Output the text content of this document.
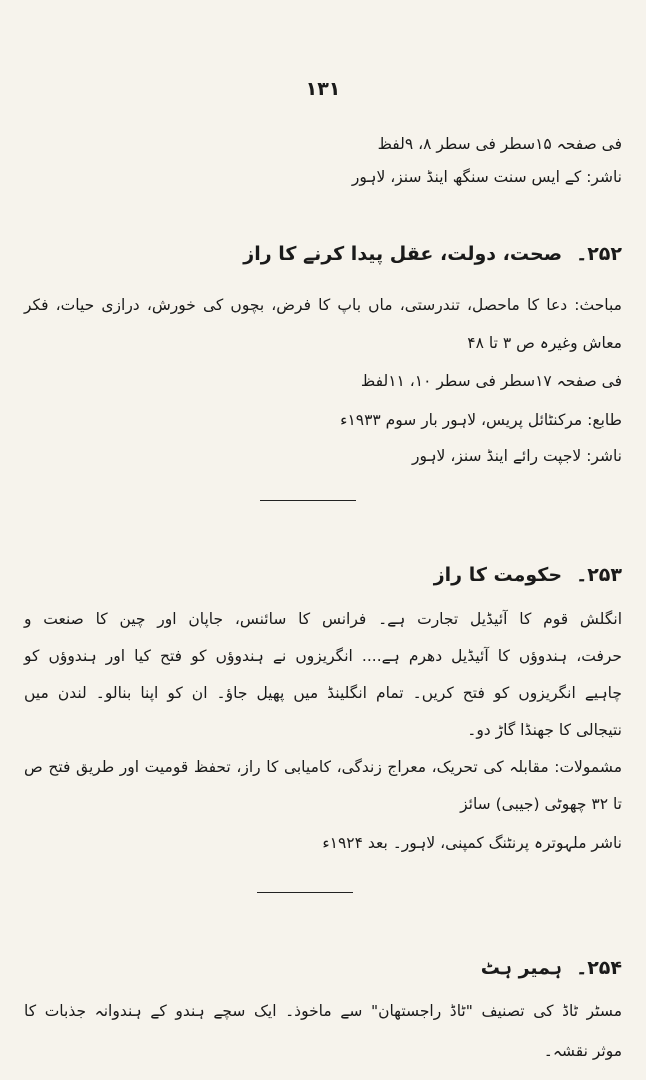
۱۳۱
فی صفحہ ۱۵سطر فی سطر ۸، ۹لفظ
ناشر: کے ایس سنت سنگھ اینڈ سنز، لاہور
۲۵۲۔صحت، دولت، عقل پیدا کرنے کا راز
مباحث: دعا کا ماحصل، تندرستی، ماں باپ کا فرض، بچوں کی خورش، درازی حیات، فکر
معاش وغیرہ ص ۳ تا ۴۸
فی صفحہ ۱۷سطر فی سطر ۱۰، ۱۱لفظ
طابع: مرکنٹائل پریس، لاہور بار سوم ۱۹۳۳ء
ناشر: لاجپت رائے اینڈ سنز، لاہور
۲۵۳۔حکومت کا راز
انگلش قوم کا آئیڈیل تجارت ہے۔ فرانس کا سائنس، جاپان اور چین کا صنعت و
حرفت، ہندوؤں کا آئیڈیل دھرم ہے.... انگریزوں نے ہندوؤں کو فتح کیا اور ہندوؤں کو
چاہیے انگریزوں کو فتح کریں۔ تمام انگلینڈ میں پھیل جاؤ۔ ان کو اپنا بنالو۔ لندن میں
نتیجالی کا جھنڈا گاڑ دو۔
مشمولات: مقابلہ کی تحریک، معراج زندگی، کامیابی کا راز، تحفظ قومیت اور طریق فتح ص
تا ۳۲ چھوٹی (جیبی) سائز
ناشر ملہوترہ پرنٹنگ کمپنی، لاہور۔ بعد ۱۹۲۴ء
۲۵۴۔ہمیر ہٹ
مسٹر ٹاڈ کی تصنیف "ٹاڈ راجستھان" سے ماخوذ۔ ایک سچے ہندو کے ہندوانہ جذبات کا
موثر نقشہ۔
